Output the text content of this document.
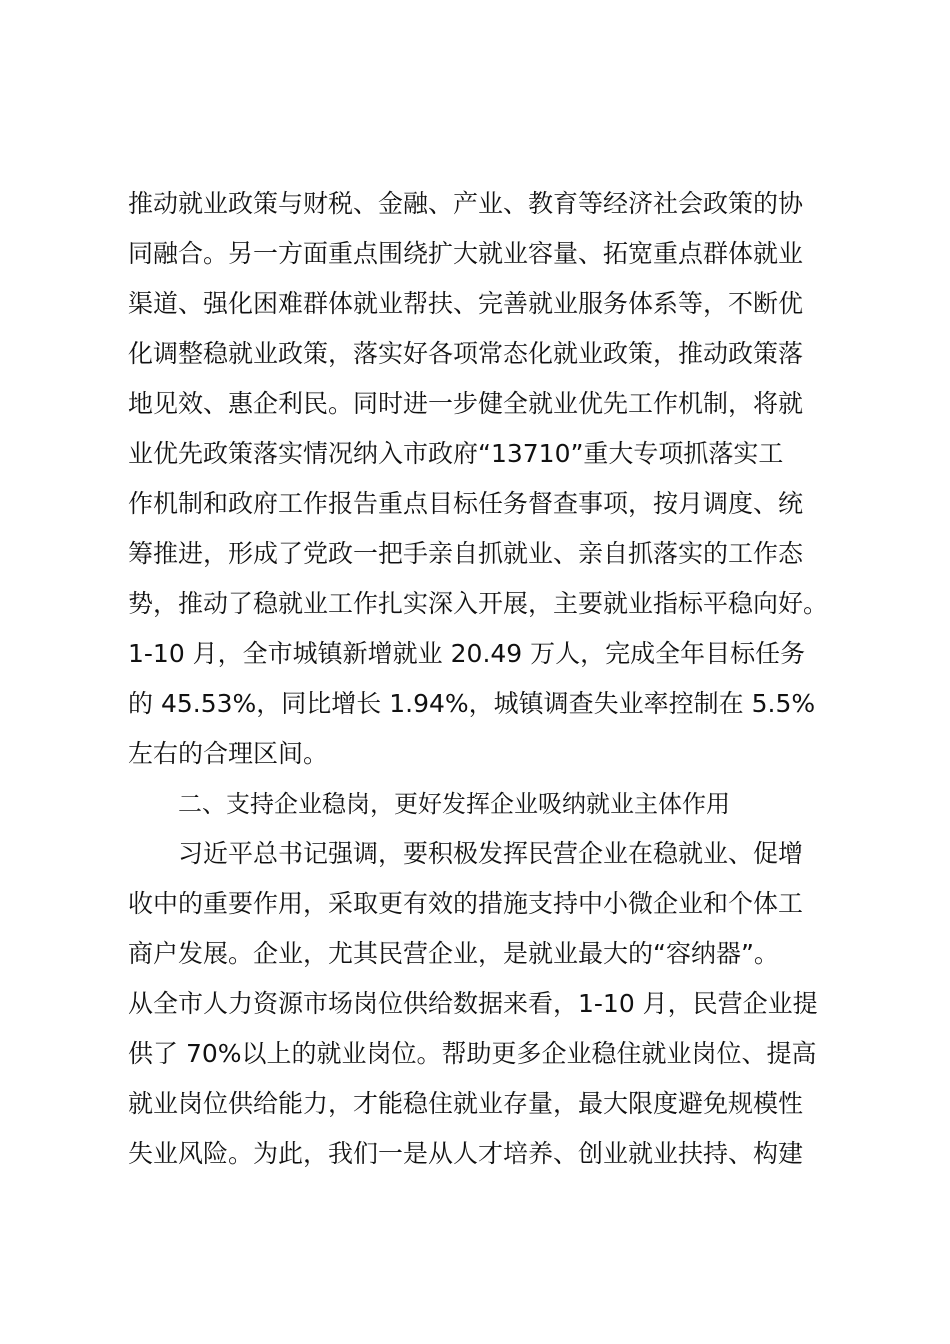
推动就业政策与财税、金融、产业、教育等经济社会政策的协
同融合。另一方面重点围绕扩大就业容量、拓宽重点群体就业
渠道、强化困难群体就业帮扶、完善就业服务体系等，不断优
化调整稳就业政策，落实好各项常态化就业政策，推动政策落
地见效、惠企利民。同时进一步健全就业优先工作机制，将就
业优先政策落实情况纳入市政府“13710”重大专项抓落实工
作机制和政府工作报告重点目标任务督查事项，按月调度、统
筹推进，形成了党政一把手亲自抓就业、亲自抓落实的工作态
势，推动了稳就业工作扎实深入开展，主要就业指标平稳向好。
1-10 月，全市城镇新增就业 20.49 万人，完成全年目标任务
的 45.53%，同比增长 1.94%，城镇调查失业率控制在 5.5%
左右的合理区间。
二、支持企业稳岗，更好发挥企业吸纳就业主体作用
习近平总书记强调，要积极发挥民营企业在稳就业、促增
收中的重要作用，采取更有效的措施支持中小微企业和个体工
商户发展。企业，尤其民营企业，是就业最大的“容纳器”。
从全市人力资源市场岗位供给数据来看，1-10 月，民营企业提
供了 70%以上的就业岗位。帮助更多企业稳住就业岗位、提高
就业岗位供给能力，才能稳住就业存量，最大限度避免规模性
失业风险。为此，我们一是从人才培养、创业就业扶持、构建
